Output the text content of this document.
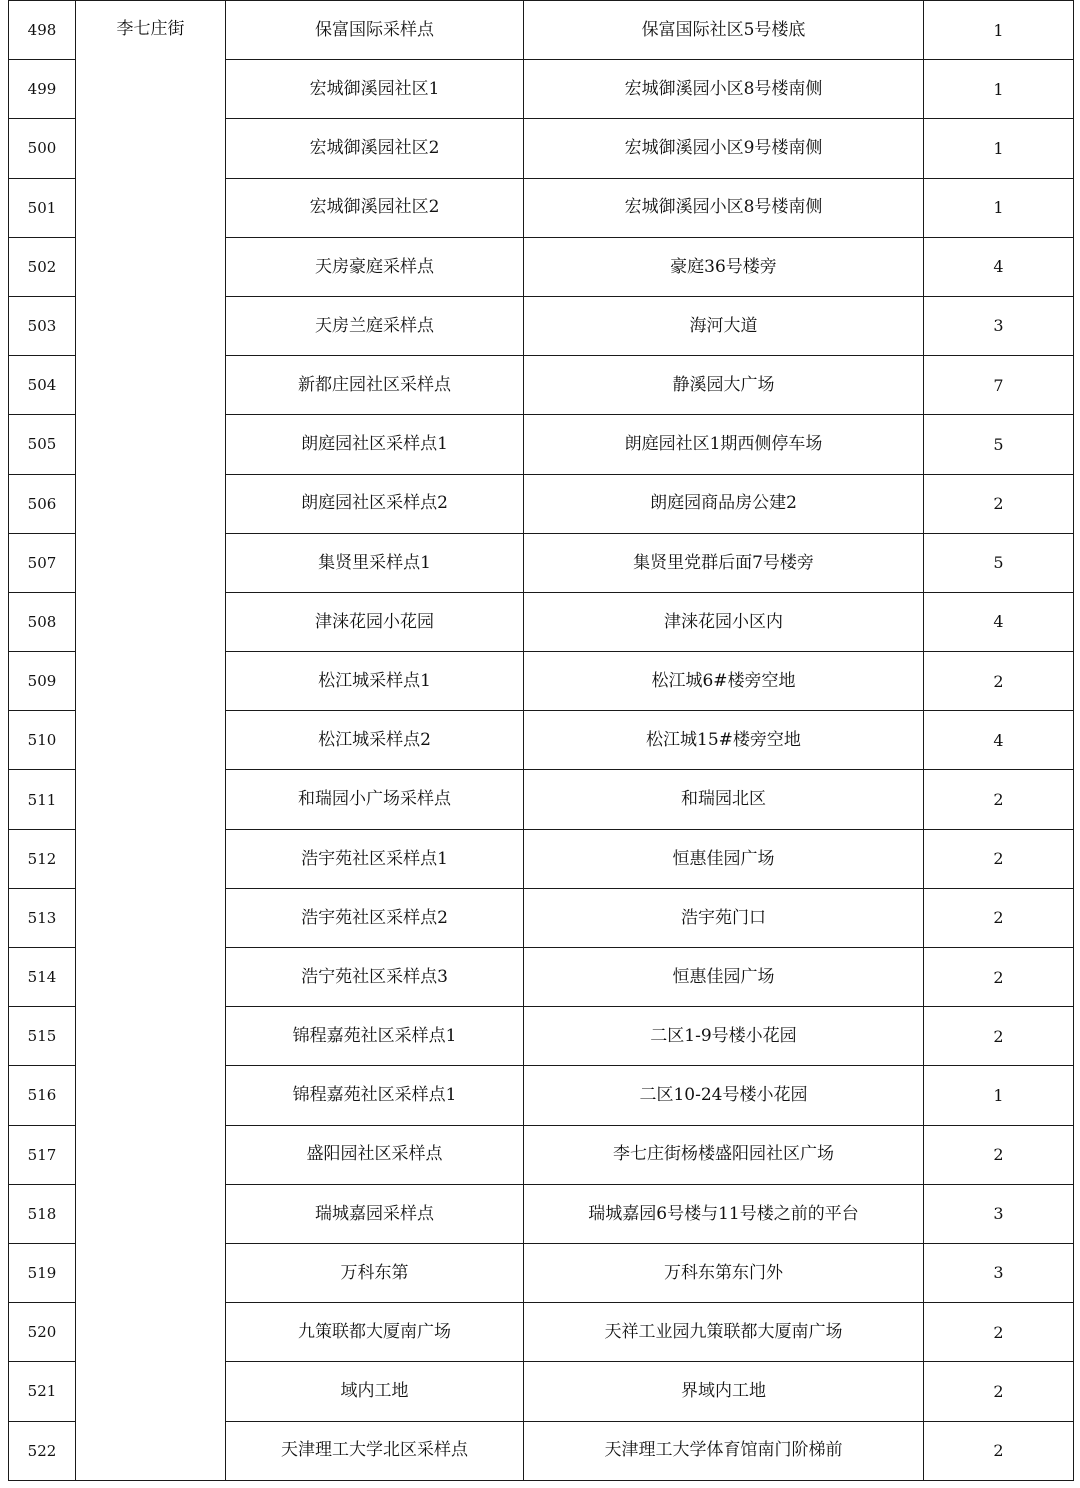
498	李七庄街	保富国际采样点	保富国际社区5号楼底	1
499		宏城御溪园社区1	宏城御溪园小区8号楼南侧	1
500		宏城御溪园社区2	宏城御溪园小区9号楼南侧	1
501		宏城御溪园社区2	宏城御溪园小区8号楼南侧	1
502		天房豪庭采样点	豪庭36号楼旁	4
503		天房兰庭采样点	海河大道	3
504		新都庄园社区采样点	静溪园大广场	7
505		朗庭园社区采样点1	朗庭园社区1期西侧停车场	5
506		朗庭园社区采样点2	朗庭园商品房公建2	2
507		集贤里采样点1	集贤里党群后面7号楼旁	5
508		津涞花园小花园	津涞花园小区内	4
509		松江城采样点1	松江城6#楼旁空地	2
510		松江城采样点2	松江城15#楼旁空地	4
511		和瑞园小广场采样点	和瑞园北区	2
512		浩宇苑社区采样点1	恒惠佳园广场	2
513		浩宇苑社区采样点2	浩宇苑门口	2
514		浩宁苑社区采样点3	恒惠佳园广场	2
515		锦程嘉苑社区采样点1	二区1-9号楼小花园	2
516		锦程嘉苑社区采样点1	二区10-24号楼小花园	1
517		盛阳园社区采样点	李七庄街杨楼盛阳园社区广场	2
518		瑞城嘉园采样点	瑞城嘉园6号楼与11号楼之前的平台	3
519		万科东第	万科东第东门外	3
520		九策联都大厦南广场	天祥工业园九策联都大厦南广场	2
521		域内工地	界域内工地	2
522		天津理工大学北区采样点	天津理工大学体育馆南门阶梯前	2
